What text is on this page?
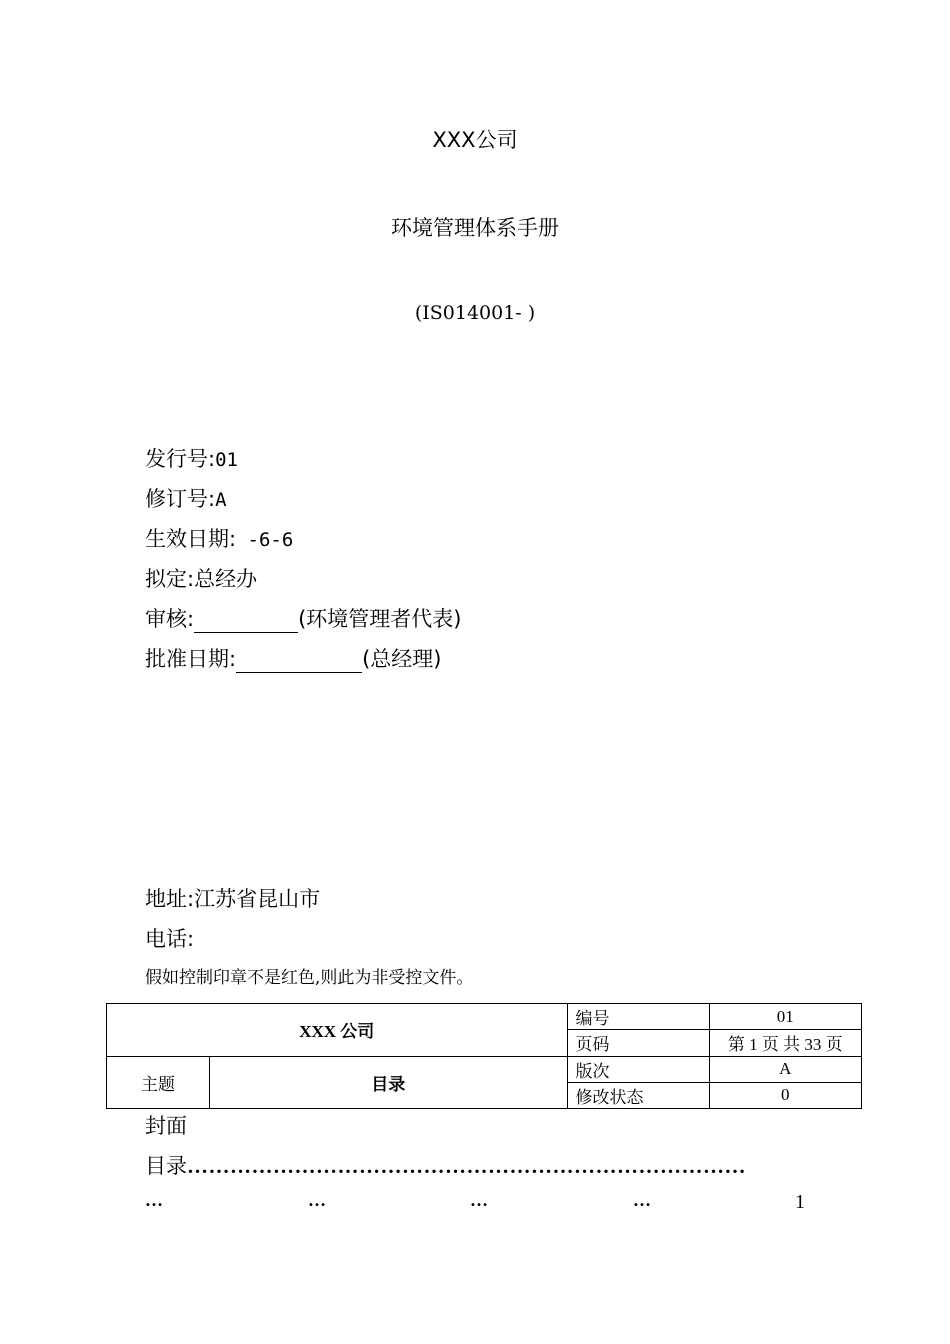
XXX公司
环境管理体系手册
(IS014001- )
发行号:01
修订号:A
生效日期: -6-6
拟定:总经办
审核:	(环境管理者代表)
批准日期:	(总经理)
地址:江苏省昆山市
电话:
假如控制印章不是红色,则此为非受控文件。
XXX 公司		编号	01
		页码	第 1 页 共 33 页
主题	目录	版次	A
		修改状态	0
封面
目录……………………………………………………………………
…	…	…	…	1
